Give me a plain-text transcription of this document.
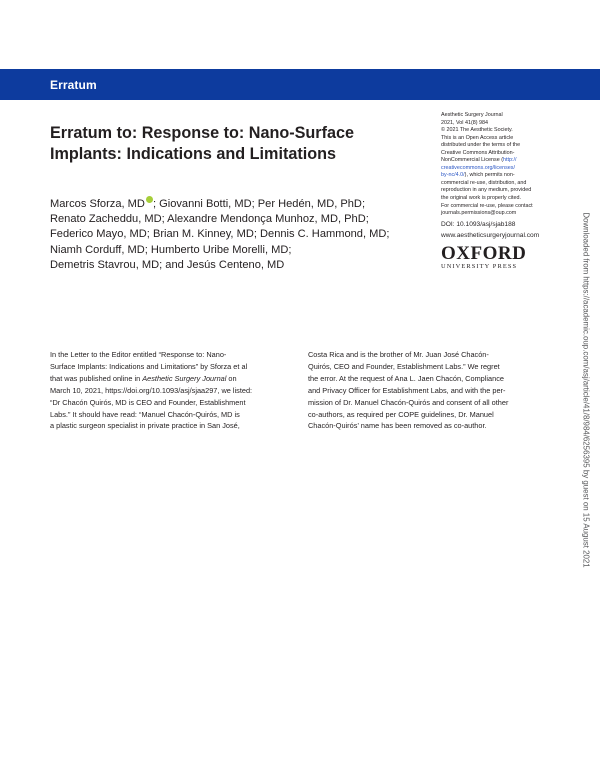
Erratum
Erratum to: Response to: Nano-Surface
Implants: Indications and Limitations
Aesthetic Surgery Journal
2021, Vol 41(8) 984
© 2021 The Aesthetic Society.
This is an Open Access article
distributed under the terms of the
Creative Commons Attribution-
NonCommercial License (http://
creativecommons.org/licenses/
by-nc/4.0/), which permits non-
commercial re-use, distribution, and
reproduction in any medium, provided
the original work is properly cited.
For commercial re-use, please contact
journals.permissions@oup.com
DOI: 10.1093/asj/sjab188
www.aestheticsurgeryjournal.com
OXFORD
UNIVERSITY PRESS
Marcos Sforza, MD ; Giovanni Botti, MD; Per Hedén, MD, PhD;
Renato Zacheddu, MD; Alexandre Mendonça Munhoz, MD, PhD;
Federico Mayo, MD; Brian M. Kinney, MD; Dennis C. Hammond, MD;
Niamh Corduff, MD; Humberto Uribe Morelli, MD;
Demetris Stavrou, MD; and Jesús Centeno, MD
In the Letter to the Editor entitled “Response to: Nano-
Surface Implants: Indications and Limitations” by Sforza et al
that was published online in Aesthetic Surgery Journal on
March 10, 2021, https://doi.org/10.1093/asj/sjaa297, we listed:
“Dr Chacón Quirós, MD is CEO and Founder, Establishment
Labs.” It should have read: “Manuel Chacón-Quirós, MD is
a plastic surgeon specialist in private practice in San José,
Costa Rica and is the brother of Mr. Juan José Chacón-
Quirós, CEO and Founder, Establishment Labs.” We regret
the error. At the request of Ana L. Jaen Chacón, Compliance
and Privacy Officer for Establishment Labs, and with the per-
mission of Dr. Manuel Chacón-Quirós and consent of all other
co-authors, as required per COPE guidelines, Dr. Manuel
Chacón-Quirós’ name has been removed as co-author.	Downloaded from https://academic.oup.com/asj/article/41/8/984/6256395 by guest on 15 August 2021
